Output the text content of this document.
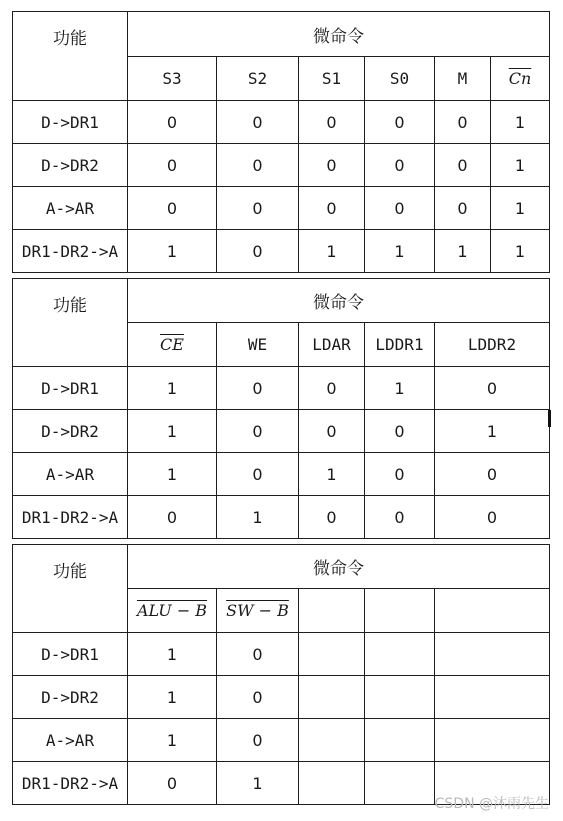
功能	微命令					
	S3	S2	S1	S0	M	$\overline{Cn}$
D->DR1	0	0	0	0	0	1
D->DR2	0	0	0	0	0	1
A->AR	0	0	0	0	0	1
DR1-DR2->A	1	0	1	1	1	1
功能	微命令				
	$\overline{CE}$	WE	LDAR	LDDR1	LDDR2
D->DR1	1	0	0	1	0
D->DR2	1	0	0	0	1
A->AR	1	0	1	0	0
DR1-DR2->A	0	1	0	0	0
功能	微命令				
	ALU − B	SW − B			
D->DR1	1	0			
D->DR2	1	0			
A->AR	1	0			
DR1-DR2->A	0	1			
CSDN @沐雨先生
